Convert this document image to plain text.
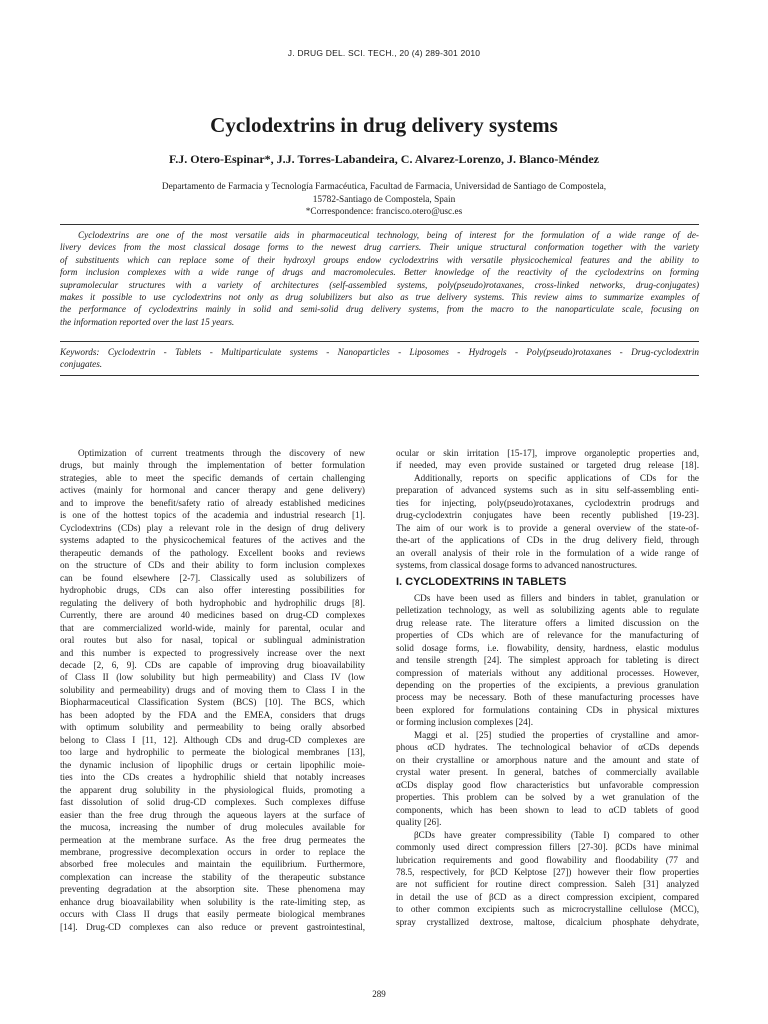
J. DRUG DEL. SCI. TECH., 20 (4) 289-301 2010
Cyclodextrins in drug delivery systems
F.J. Otero-Espinar*, J.J. Torres-Labandeira, C. Alvarez-Lorenzo, J. Blanco-Méndez
Departamento de Farmacia y Tecnología Farmacéutica, Facultad de Farmacia, Universidad de Santiago de Compostela,
15782-Santiago de Compostela, Spain
*Correspondence: francisco.otero@usc.es
Cyclodextrins are one of the most versatile aids in pharmaceutical technology, being of interest for the formulation of a wide range of de-
livery devices from the most classical dosage forms to the newest drug carriers. Their unique structural conformation together with the variety
of substituents which can replace some of their hydroxyl groups endow cyclodextrins with versatile physicochemical features and the ability to
form inclusion complexes with a wide range of drugs and macromolecules. Better knowledge of the reactivity of the cyclodextrins on forming
supramolecular structures with a variety of architectures (self-assembled systems, poly(pseudo)rotaxanes, cross-linked networks, drug-conjugates)
makes it possible to use cyclodextrins not only as drug solubilizers but also as true delivery systems. This review aims to summarize examples of
the performance of cyclodextrins mainly in solid and semi-solid drug delivery systems, from the macro to the nanoparticulate scale, focusing on
the information reported over the last 15 years.
Keywords: Cyclodextrin - Tablets - Multiparticulate systems - Nanoparticles - Liposomes - Hydrogels - Poly(pseudo)rotaxanes - Drug-cyclodextrin
conjugates.
Optimization of current treatments through the discovery of new
drugs, but mainly through the implementation of better formulation
strategies, able to meet the specific demands of certain challenging
actives (mainly for hormonal and cancer therapy and gene delivery)
and to improve the benefit/safety ratio of already established medicines
is one of the hottest topics of the academia and industrial research [1].
Cyclodextrins (CDs) play a relevant role in the design of drug delivery
systems adapted to the physicochemical features of the actives and the
therapeutic demands of the pathology. Excellent books and reviews
on the structure of CDs and their ability to form inclusion complexes
can be found elsewhere [2-7]. Classically used as solubilizers of
hydrophobic drugs, CDs can also offer interesting possibilities for
regulating the delivery of both hydrophobic and hydrophilic drugs [8].
Currently, there are around 40 medicines based on drug-CD complexes
that are commercialized world-wide, mainly for parental, ocular and
oral routes but also for nasal, topical or sublingual administration
and this number is expected to progressively increase over the next
decade [2, 6, 9]. CDs are capable of improving drug bioavailability
of Class II (low solubility but high permeability) and Class IV (low
solubility and permeability) drugs and of moving them to Class I in the
Biopharmaceutical Classification System (BCS) [10]. The BCS, which
has been adopted by the FDA and the EMEA, considers that drugs
with optimum solubility and permeability to being orally absorbed
belong to Class I [11, 12]. Although CDs and drug-CD complexes are
too large and hydrophilic to permeate the biological membranes [13],
the dynamic inclusion of lipophilic drugs or certain lipophilic moie-
ties into the CDs creates a hydrophilic shield that notably increases
the apparent drug solubility in the physiological fluids, promoting a
fast dissolution of solid drug-CD complexes. Such complexes diffuse
easier than the free drug through the aqueous layers at the surface of
the mucosa, increasing the number of drug molecules available for
permeation at the membrane surface. As the free drug permeates the
membrane, progressive decomplexation occurs in order to replace the
absorbed free molecules and maintain the equilibrium. Furthermore,
complexation can increase the stability of the therapeutic substance
preventing degradation at the absorption site. These phenomena may
enhance drug bioavailability when solubility is the rate-limiting step, as
occurs with Class II drugs that easily permeate biological membranes
[14]. Drug-CD complexes can also reduce or prevent gastrointestinal,
ocular or skin irritation [15-17], improve organoleptic properties and,
if needed, may even provide sustained or targeted drug release [18].
Additionally, reports on specific applications of CDs for the
preparation of advanced systems such as in situ self-assembling enti-
ties for injecting, poly(pseudo)rotaxanes, cyclodextrin prodrugs and
drug-cyclodextrin conjugates have been recently published [19-23].
The aim of our work is to provide a general overview of the state-of-
the-art of the applications of CDs in the drug delivery field, through
an overall analysis of their role in the formulation of a wide range of
systems, from classical dosage forms to advanced nanostructures.
I. CYCLODEXTRINS IN TABLETS
CDs have been used as fillers and binders in tablet, granulation or
pelletization technology, as well as solubilizing agents able to regulate
drug release rate. The literature offers a limited discussion on the
properties of CDs which are of relevance for the manufacturing of
solid dosage forms, i.e. flowability, density, hardness, elastic modulus
and tensile strength [24]. The simplest approach for tableting is direct
compression of materials without any additional processes. However,
depending on the properties of the excipients, a previous granulation
process may be necessary. Both of these manufacturing processes have
been explored for formulations containing CDs in physical mixtures
or forming inclusion complexes [24].
Maggi et al. [25] studied the properties of crystalline and amor-
phous αCD hydrates. The technological behavior of αCDs depends
on their crystalline or amorphous nature and the amount and state of
crystal water present. In general, batches of commercially available
αCDs display good flow characteristics but unfavorable compression
properties. This problem can be solved by a wet granulation of the
components, which has been shown to lead to αCD tablets of good
quality [26].
βCDs have greater compressibility (Table I) compared to other
commonly used direct compression fillers [27-30]. βCDs have minimal
lubrication requirements and good flowability and floodability (77 and
78.5, respectively, for βCD Kelptose [27]) however their flow properties
are not sufficient for routine direct compression. Saleh [31] analyzed
in detail the use of βCD as a direct compression excipient, compared
to other common excipients such as microcrystalline cellulose (MCC),
spray crystallized dextrose, maltose, dicalcium phosphate dehydrate,
289
